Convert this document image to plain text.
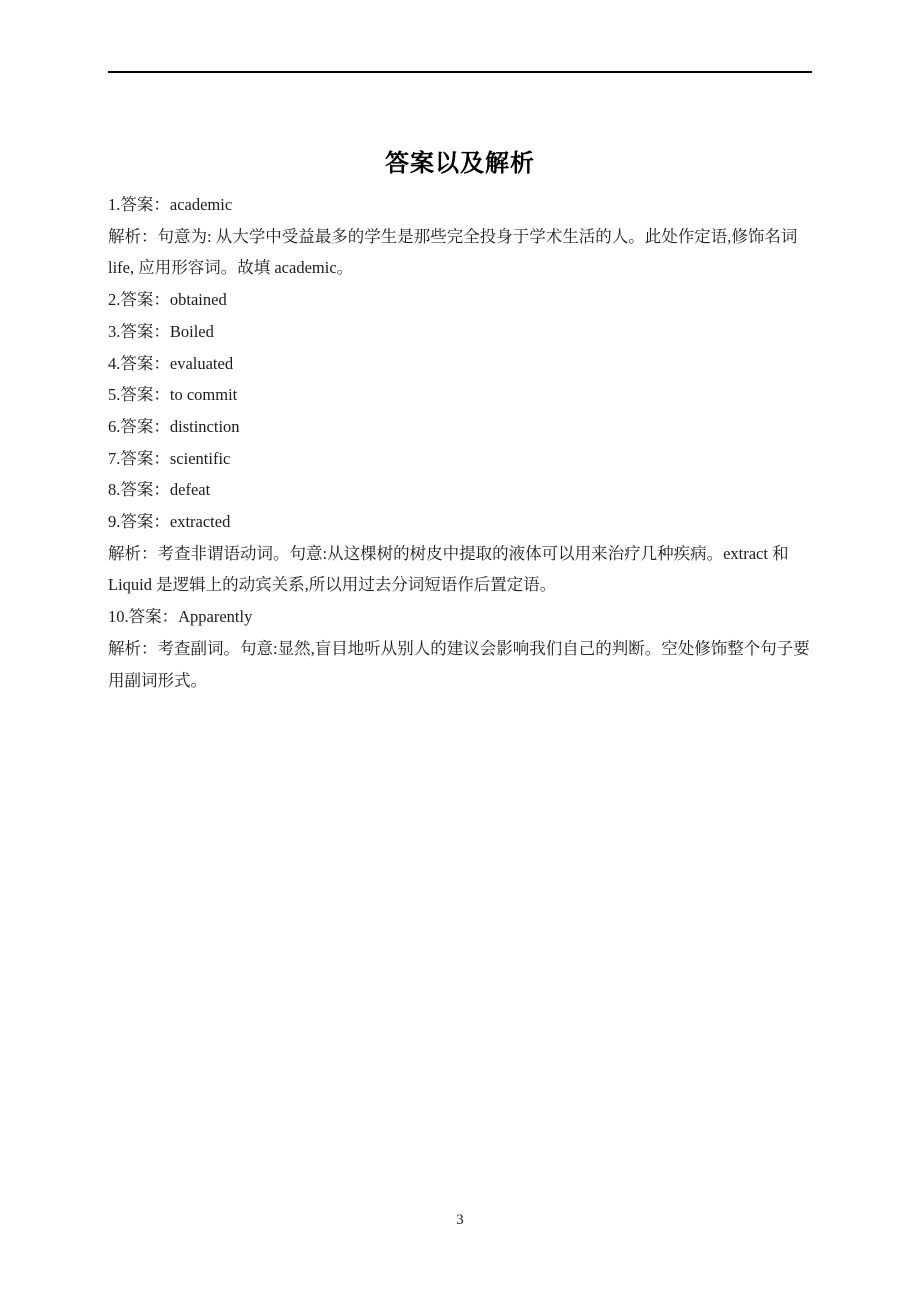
答案以及解析
1.答案：academic
解析：句意为: 从大学中受益最多的学生是那些完全投身于学术生活的人。此处作定语,修饰名词
life, 应用形容词。故填 academic。
2.答案：obtained
3.答案：Boiled
4.答案：evaluated
5.答案：to commit
6.答案：distinction
7.答案：scientific
8.答案：defeat
9.答案：extracted
解析：考查非谓语动词。句意:从这棵树的树皮中提取的液体可以用来治疗几种疾病。extract 和
Liquid 是逻辑上的动宾关系,所以用过去分词短语作后置定语。
10.答案：Apparently
解析：考查副词。句意:显然,盲目地听从别人的建议会影响我们自己的判断。空处修饰整个句子要
用副词形式。
3
